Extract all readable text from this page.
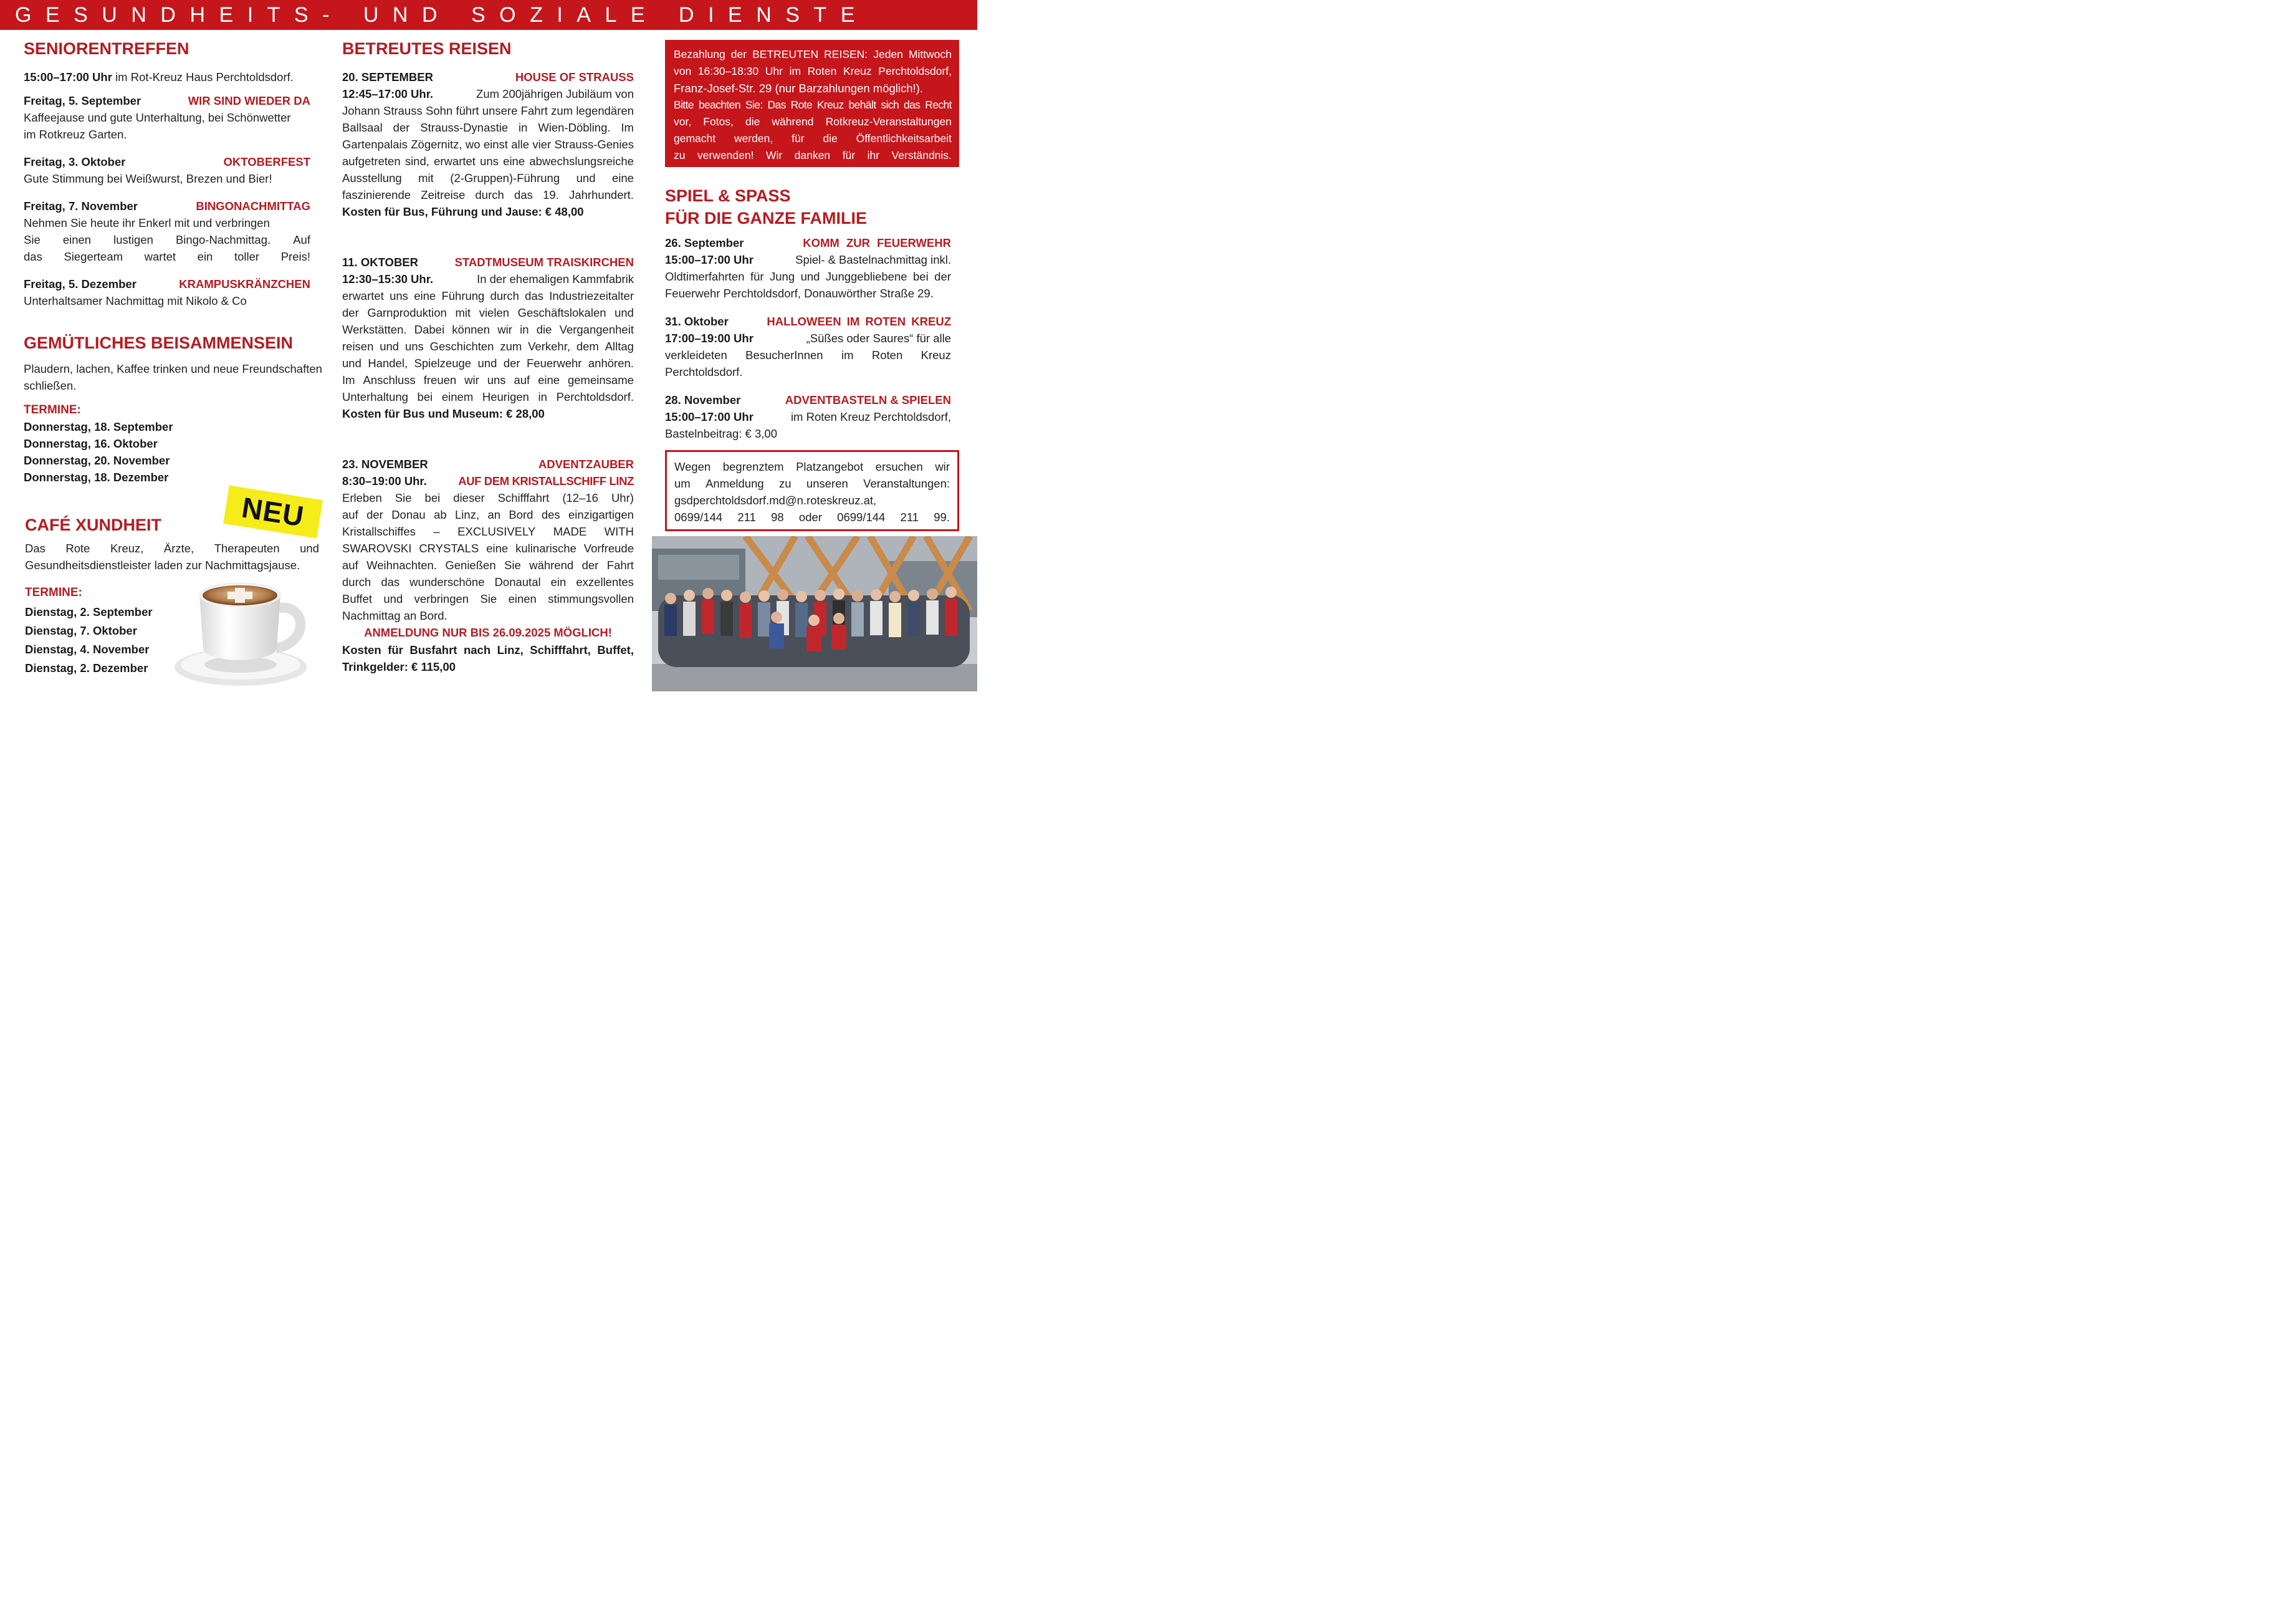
GESUNDHEITS- UND SOZIALE DIENSTE
SENIORENTREFFEN
15:00–17:00 Uhr im Rot-Kreuz Haus Perchtoldsdorf.
Freitag, 5. September	WIR SIND WIEDER DA
Kaffeejause und gute Unterhaltung, bei Schönwetter
im Rotkreuz Garten.
Freitag, 3. Oktober	OKTOBERFEST
Gute Stimmung bei Weißwurst, Brezen und Bier!
Freitag, 7. November	BINGONACHMITTAG
Nehmen Sie heute ihr Enkerl mit und verbringen
Sie einen lustigen Bingo-Nachmittag. Auf
das Siegerteam wartet ein toller Preis!
Freitag, 5. Dezember	KRAMPUSKRÄNZCHEN
Unterhaltsamer Nachmittag mit Nikolo & Co
GEMÜTLICHES BEISAMMENSEIN
Plaudern, lachen, Kaffee trinken und neue Freundschaften
schließen.
TERMINE:
Donnerstag, 18. September
Donnerstag, 16. Oktober
Donnerstag, 20. November
Donnerstag, 18. Dezember
NEU
CAFÉ XUNDHEIT
Das Rote Kreuz, Ärzte, Therapeuten und
Gesundheitsdienstleister laden zur Nachmittagsjause.
TERMINE:
Dienstag, 2. September
Dienstag, 7. Oktober
Dienstag, 4. November
Dienstag, 2. Dezember
BETREUTES REISEN
20. SEPTEMBER	HOUSE OF STRAUSS
12:45–17:00 Uhr.	Zum 200jährigen Jubiläum von
Johann Strauss Sohn führt unsere Fahrt zum legendären
Ballsaal der Strauss-Dynastie in Wien-Döbling. Im
Gartenpalais Zögernitz, wo einst alle vier Strauss-Genies
aufgetreten sind, erwartet uns eine abwechslungsreiche
Ausstellung mit (2-Gruppen)-Führung und eine
faszinierende Zeitreise durch das 19. Jahrhundert.
Kosten für Bus, Führung und Jause: € 48,00
11. OKTOBER	STADTMUSEUM TRAISKIRCHEN
12:30–15:30 Uhr.	In der ehemaligen Kammfabrik
erwartet uns eine Führung durch das Industriezeitalter
der Garnproduktion mit vielen Geschäftslokalen und
Werkstätten. Dabei können wir in die Vergangenheit
reisen und uns Geschichten zum Verkehr, dem Alltag
und Handel, Spielzeuge und der Feuerwehr anhören.
Im Anschluss freuen wir uns auf eine gemeinsame
Unterhaltung bei einem Heurigen in Perchtoldsdorf.
Kosten für Bus und Museum: € 28,00
23. NOVEMBER	ADVENTZAUBER
8:30–19:00 Uhr.	AUF DEM KRISTALLSCHIFF LINZ
Erleben Sie bei dieser Schifffahrt (12–16 Uhr)
auf der Donau ab Linz, an Bord des einzigartigen
Kristallschiffes – EXCLUSIVELY MADE WITH
SWAROVSKI CRYSTALS eine kulinarische Vorfreude
auf Weihnachten. Genießen Sie während der Fahrt
durch das wunderschöne Donautal ein exzellentes
Buffet und verbringen Sie einen stimmungsvollen
Nachmittag an Bord.
ANMELDUNG NUR BIS 26.09.2025 MÖGLICH!
Kosten für Busfahrt nach Linz, Schifffahrt, Buffet,
Trinkgelder: € 115,00
Bezahlung der BETREUTEN REISEN: Jeden Mittwoch
von 16:30–18:30 Uhr im Roten Kreuz Perchtoldsdorf,
Franz-Josef-Str. 29 (nur Barzahlungen möglich!).
Bitte beachten Sie: Das Rote Kreuz behält sich das Recht
vor, Fotos, die während Rotkreuz-Veranstaltungen
gemacht werden, für die Öffentlichkeitsarbeit
zu verwenden! Wir danken für ihr Verständnis.
SPIEL & SPASS
FÜR DIE GANZE FAMILIE
26. September	KOMM ZUR FEUERWEHR
15:00–17:00 Uhr	Spiel- & Bastelnachmittag inkl.
Oldtimerfahrten für Jung und Junggebliebene bei der
Feuerwehr Perchtoldsdorf, Donauwörther Straße 29.
31. Oktober	HALLOWEEN IM ROTEN KREUZ
17:00–19:00 Uhr	„Süßes oder Saures“ für alle
verkleideten BesucherInnen im Roten Kreuz
Perchtoldsdorf.
28. November	ADVENTBASTELN & SPIELEN
15:00–17:00 Uhr	im Roten Kreuz Perchtoldsdorf,
Bastelnbeitrag: € 3,00
Wegen begrenztem Platzangebot ersuchen wir
um Anmeldung zu unseren Veranstaltungen:
gsdperchtoldsdorf.md@n.roteskreuz.at,
0699/144 211 98 oder 0699/144 211 99.
